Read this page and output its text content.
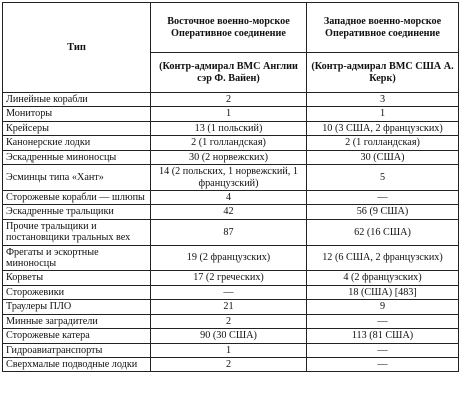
Тип	Восточное военно-морское Оперативное соединение	Западное военно-морское Оперативное соединение
	(Контр-адмирал ВМС Англии сэр Ф. Вайен)	(Контр-адмирал ВМС США А. Керк)
Линейные корабли	2	3
Мониторы	1	1
Крейсеры	13 (1 польский)	10 (3 США, 2 французских)
Канонерские лодки	2 (1 голландская)	2 (1 голландская)
Эскадренные миноносцы	30 (2 норвежских)	30 (США)
Эсминцы типа «Хант»	14 (2 польских, 1 норвежский, 1 французский)	5
Сторожевые корабли — шлюпы	4	—
Эскадренные тральщики	42	56 (9 США)
Прочие тральщики и постановщики тральных вех	87	62 (16 США)
Фрегаты и эскортные миноносцы	19 (2 французских)	12 (6 США, 2 французских)
Корветы	17 (2 греческих)	4 (2 французских)
Сторожевики	—	18 (США) [483]
Траулеры ПЛО	21	9
Минные заградители	2	—
Сторожевые катера	90 (30 США)	113 (81 США)
Гидроавиатранспорты	1	—
Сверхмалые подводные лодки	2	—
